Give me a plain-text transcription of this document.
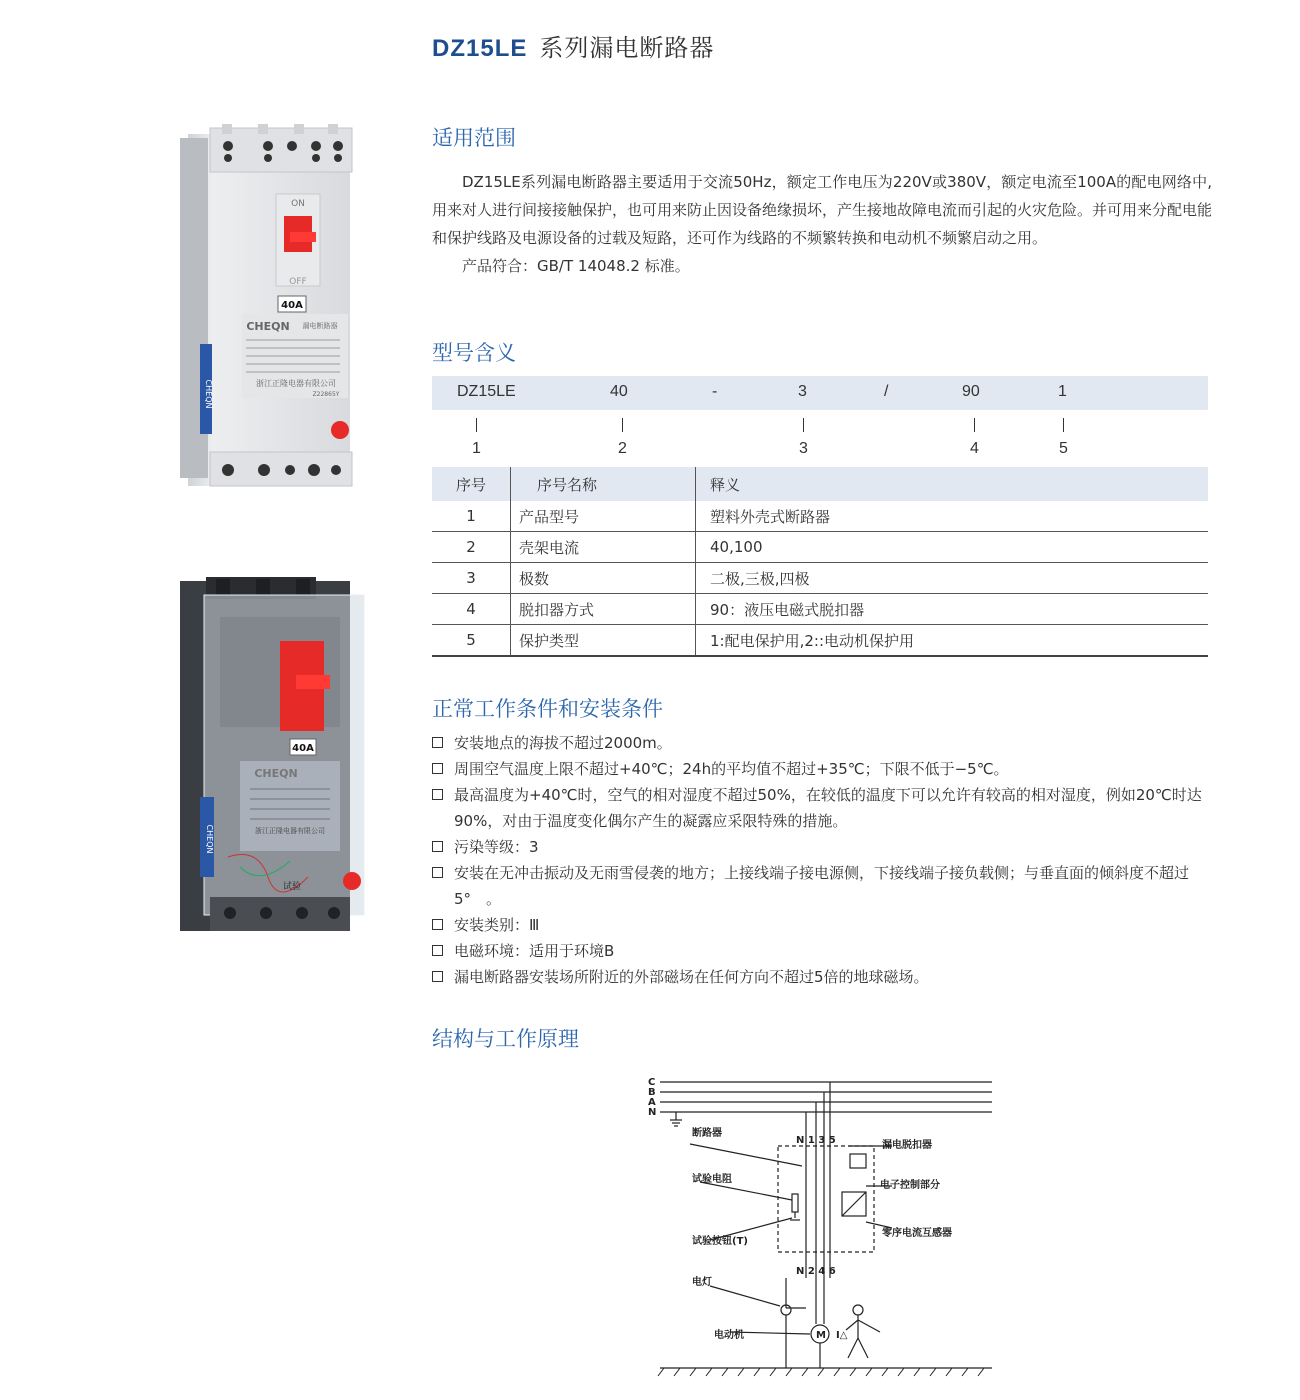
DZ15LE 系列漏电断路器
ON
OFF
40A
CHEQN 漏电断路器
浙江正隆电器有限公司
Z22865Y
CHEQN
40A
CHEQN
浙江正隆电器有限公司
CHEQN
试验
适用范围

DZ15LE系列漏电断路器主要适用于交流50Hz，额定工作电压为220V或380V，额定电流至100A的配电网络中,用来对人进行间接接触保护，也可用来防止因设备绝缘损坏，产生接地故障电流而引起的火灾危险。并可用来分配电能和保护线路及电源设备的过载及短路，还可作为线路的不频繁转换和电动机不频繁启动之用。

产品符合：GB/T 14048.2 标准。

型号含义
DZ15LE	40	-	3	/	90	1
1	2	3	4	5
序号	序号名称	释义
1	产品型号	塑料外壳式断路器
2	壳架电流	40,100
3	极数	二极,三极,四极
4	脱扣器方式	90：液压电磁式脱扣器
5	保护类型	1:配电保护用,2::电动机保护用
正常工作条件和安装条件
安装地点的海拔不超过2000m。
周围空气温度上限不超过+40℃；24h的平均值不超过+35℃；下限不低于−5℃。
最高温度为+40℃时，空气的相对湿度不超过50%，在较低的温度下可以允许有较高的相对湿度，例如20℃时达90%，对由于温度变化偶尔产生的凝露应采限特殊的措施。
污染等级：3
安装在无冲击振动及无雨雪侵袭的地方；上接线端子接电源侧，下接线端子接负载侧；与垂直面的倾斜度不超过5°　。
安装类别：Ⅲ
电磁环境：适用于环境B
漏电断路器安装场所附近的外部磁场在任何方向不超过5倍的地球磁场。
结构与工作原理
C
B
A
N
N 1 3 5
N 2 4 6
断路器
漏电脱扣器
试验电阻
电子控制部分
零序电流互感器
试验按钮(T)
电灯
电动机	M I△
